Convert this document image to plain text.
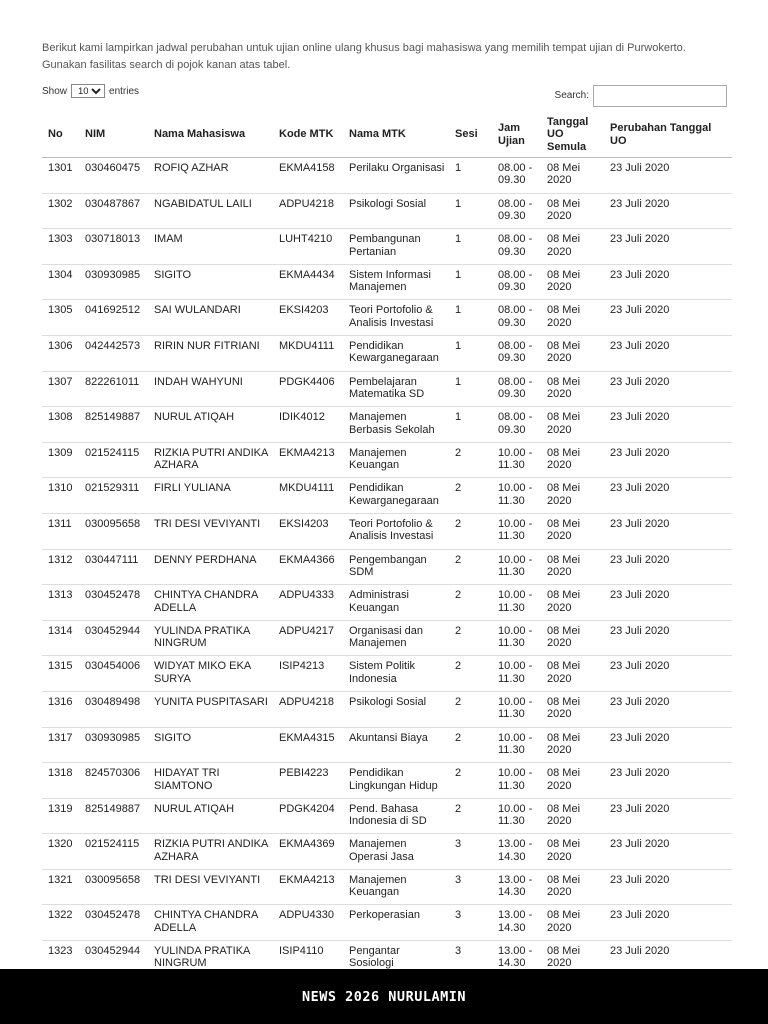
Berikut kami lampirkan jadwal perubahan untuk ujian online ulang khusus bagi mahasiswa yang memilih tempat ujian di Purwokerto.
Gunakan fasilitas search di pojok kanan atas tabel.
Show
10	entries	Search:
No	NIM	Nama Mahasiswa	Kode MTK	Nama MTK	Sesi	Jam Ujian	Tanggal UO Semula	Perubahan Tanggal UO
1301	030460475	ROFIQ AZHAR	EKMA4158	Perilaku Organisasi	1	08.00 - 09.30	08 Mei 2020	23 Juli 2020
1302	030487867	NGABIDATUL LAILI	ADPU4218	Psikologi Sosial	1	08.00 - 09.30	08 Mei 2020	23 Juli 2020
1303	030718013	IMAM	LUHT4210	Pembangunan Pertanian	1	08.00 - 09.30	08 Mei 2020	23 Juli 2020
1304	030930985	SIGITO	EKMA4434	Sistem Informasi Manajemen	1	08.00 - 09.30	08 Mei 2020	23 Juli 2020
1305	041692512	SAI WULANDARI	EKSI4203	Teori Portofolio & Analisis Investasi	1	08.00 - 09.30	08 Mei 2020	23 Juli 2020
1306	042442573	RIRIN NUR FITRIANI	MKDU4111	Pendidikan Kewarganegaraan	1	08.00 - 09.30	08 Mei 2020	23 Juli 2020
1307	822261011	INDAH WAHYUNI	PDGK4406	Pembelajaran Matematika SD	1	08.00 - 09.30	08 Mei 2020	23 Juli 2020
1308	825149887	NURUL ATIQAH	IDIK4012	Manajemen Berbasis Sekolah	1	08.00 - 09.30	08 Mei 2020	23 Juli 2020
1309	021524115	RIZKIA PUTRI ANDIKA AZHARA	EKMA4213	Manajemen Keuangan	2	10.00 - 11.30	08 Mei 2020	23 Juli 2020
1310	021529311	FIRLI YULIANA	MKDU4111	Pendidikan Kewarganegaraan	2	10.00 - 11.30	08 Mei 2020	23 Juli 2020
1311	030095658	TRI DESI VEVIYANTI	EKSI4203	Teori Portofolio & Analisis Investasi	2	10.00 - 11.30	08 Mei 2020	23 Juli 2020
1312	030447111	DENNY PERDHANA	EKMA4366	Pengembangan SDM	2	10.00 - 11.30	08 Mei 2020	23 Juli 2020
1313	030452478	CHINTYA CHANDRA ADELLA	ADPU4333	Administrasi Keuangan	2	10.00 - 11.30	08 Mei 2020	23 Juli 2020
1314	030452944	YULINDA PRATIKA NINGRUM	ADPU4217	Organisasi dan Manajemen	2	10.00 - 11.30	08 Mei 2020	23 Juli 2020
1315	030454006	WIDYAT MIKO EKA SURYA	ISIP4213	Sistem Politik Indonesia	2	10.00 - 11.30	08 Mei 2020	23 Juli 2020
1316	030489498	YUNITA PUSPITASARI	ADPU4218	Psikologi Sosial	2	10.00 - 11.30	08 Mei 2020	23 Juli 2020
1317	030930985	SIGITO	EKMA4315	Akuntansi Biaya	2	10.00 - 11.30	08 Mei 2020	23 Juli 2020
1318	824570306	HIDAYAT TRI SIAMTONO	PEBI4223	Pendidikan Lingkungan Hidup	2	10.00 - 11.30	08 Mei 2020	23 Juli 2020
1319	825149887	NURUL ATIQAH	PDGK4204	Pend. Bahasa Indonesia di SD	2	10.00 - 11.30	08 Mei 2020	23 Juli 2020
1320	021524115	RIZKIA PUTRI ANDIKA AZHARA	EKMA4369	Manajemen Operasi Jasa	3	13.00 - 14.30	08 Mei 2020	23 Juli 2020
1321	030095658	TRI DESI VEVIYANTI	EKMA4213	Manajemen Keuangan	3	13.00 - 14.30	08 Mei 2020	23 Juli 2020
1322	030452478	CHINTYA CHANDRA ADELLA	ADPU4330	Perkoperasian	3	13.00 - 14.30	08 Mei 2020	23 Juli 2020
1323	030452944	YULINDA PRATIKA NINGRUM	ISIP4110	Pengantar Sosiologi	3	13.00 - 14.30	08 Mei 2020	23 Juli 2020
NEWS 2026 NURULAMIN
